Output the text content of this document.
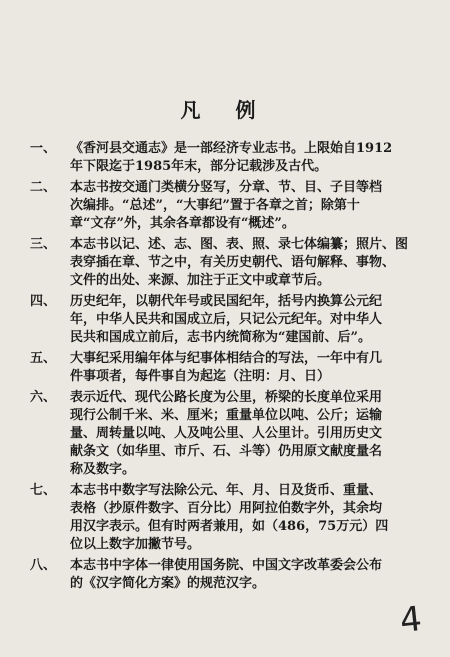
凡 例
一、	《香河县交通志》是一部经济专业志书。上限始自1912
年下限迄于1985年末，部分记载涉及古代。
二、	本志书按交通门类横分竖写，分章、节、目、子目等档
次编排。“总述”，“大事纪”置于各章之首；除第十
章“文存”外，其余各章都设有“概述”。
三、	本志书以记、述、志、图、表、照、录七体编纂；照片、图
表穿插在章、节之中，有关历史朝代、语句解释、事物、
文件的出处、来源、加注于正文中或章节后。
四、	历史纪年，以朝代年号或民国纪年，括号内换算公元纪
年，中华人民共和国成立后，只记公元纪年。对中华人
民共和国成立前后，志书内统简称为“建国前、后”。
五、	大事纪采用编年体与纪事体相结合的写法，一年中有几
件事项者，每件事自为起迄（注明：月、日）
六、	表示近代、现代公路长度为公里，桥梁的长度单位采用
现行公制千米、米、厘米；重量单位以吨、公斤；运输
量、周转量以吨、人及吨公里、人公里计。引用历史文
献条文（如华里、市斤、石、斗等）仍用原文献度量名
称及数字。
七、	本志书中数字写法除公元、年、月、日及货币、重量、
表格（抄原件数字、百分比）用阿拉伯数字外，其余均
用汉字表示。但有时两者兼用，如（486，75万元）四
位以上数字加撇节号。
八、	本志书中字体一律使用国务院、中国文字改革委会公布
的《汉字简化方案》的规范汉字。
4
